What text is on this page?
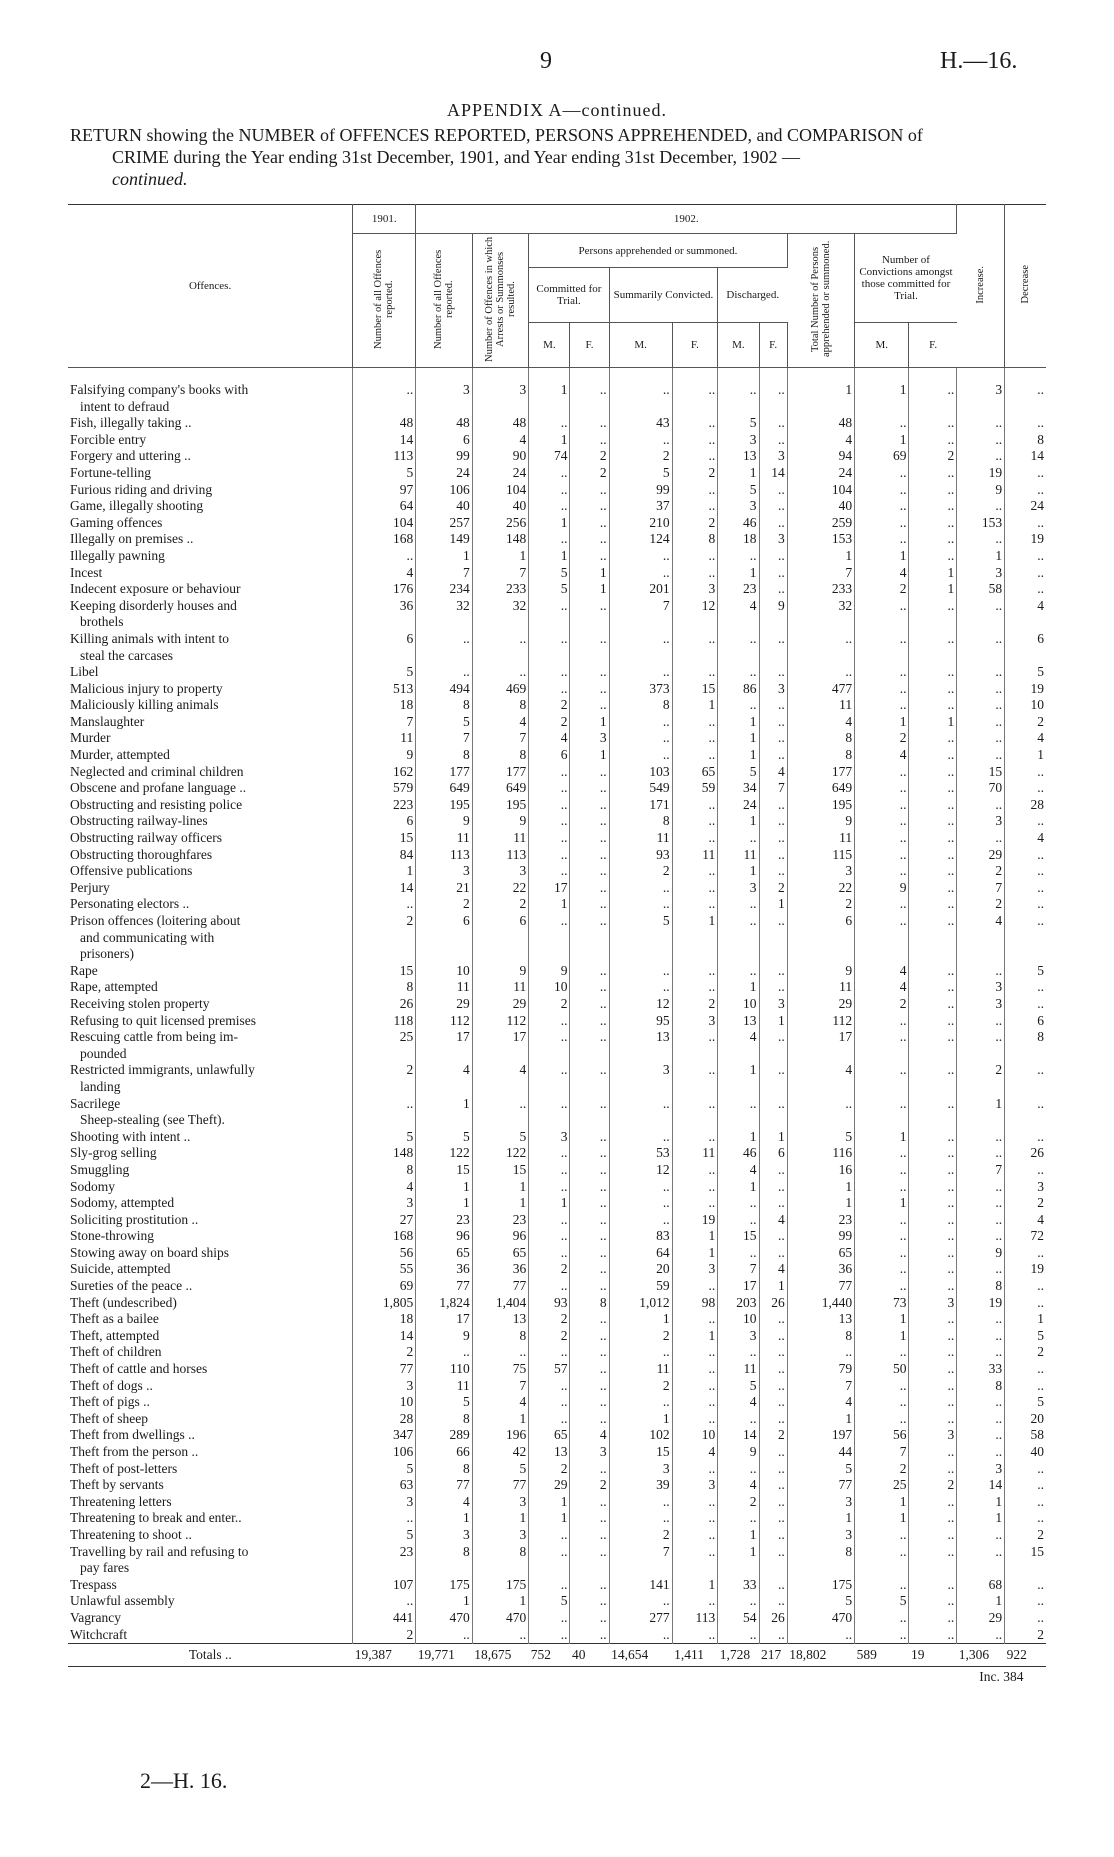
9	H.—16.
APPENDIX A—continued.
RETURN showing the NUMBER of OFFENCES REPORTED, PERSONS APPREHENDED, and COMPARISON of
CRIME during the Year ending 31st December, 1901, and Year ending 31st December, 1902 —
continued.
Offences.	1901.	1902.											Increase.	Decrease
	Number of all Offences reported.	Number of all Offences reported.	Number of Offences in which Arrests or Summonses resulted.	Persons apprehended or summoned.						Total Number of Persons apprehended or summoned.	Number of Convictions amongst those committed for Trial.			
				Committed for Trial.		Summarily Convicted.		Discharged.						
				M.	F.	M.	F.	M.	F.		M.	F.		
Falsifying company's books with	..	3	3	1	..	..	..	..	..	1	1	..	3	..
intent to defraud														
Fish, illegally taking ..	48	48	48	..	..	43	..	5	..	48	..	..	..	..
Forcible entry	14	6	4	1	..	..	..	3	..	4	1	..	..	8
Forgery and uttering ..	113	99	90	74	2	2	..	13	3	94	69	2	..	14
Fortune-telling	5	24	24	..	2	5	2	1	14	24	..	..	19	..
Furious riding and driving	97	106	104	..	..	99	..	5	..	104	..	..	9	..
Game, illegally shooting	64	40	40	..	..	37	..	3	..	40	..	..	..	24
Gaming offences	104	257	256	1	..	210	2	46	..	259	..	..	153	..
Illegally on premises ..	168	149	148	..	..	124	8	18	3	153	..	..	..	19
Illegally pawning	..	1	1	1	..	..	..	..	..	1	1	..	1	..
Incest	4	7	7	5	1	..	..	1	..	7	4	1	3	..
Indecent exposure or behaviour	176	234	233	5	1	201	3	23	..	233	2	1	58	..
Keeping disorderly houses and	36	32	32	..	..	7	12	4	9	32	..	..	..	4
brothels														
Killing animals with intent to	6	..	..	..	..	..	..	..	..	..	..	..	..	6
steal the carcases														
Libel	5	..	..	..	..	..	..	..	..	..	..	..	..	5
Malicious injury to property	513	494	469	..	..	373	15	86	3	477	..	..	..	19
Maliciously killing animals	18	8	8	2	..	8	1	..	..	11	..	..	..	10
Manslaughter	7	5	4	2	1	..	..	1	..	4	1	1	..	2
Murder	11	7	7	4	3	..	..	1	..	8	2	..	..	4
Murder, attempted	9	8	8	6	1	..	..	1	..	8	4	..	..	1
Neglected and criminal children	162	177	177	..	..	103	65	5	4	177	..	..	15	..
Obscene and profane language ..	579	649	649	..	..	549	59	34	7	649	..	..	70	..
Obstructing and resisting police	223	195	195	..	..	171	..	24	..	195	..	..	..	28
Obstructing railway-lines	6	9	9	..	..	8	..	1	..	9	..	..	3	..
Obstructing railway officers	15	11	11	..	..	11	..	..	..	11	..	..	..	4
Obstructing thoroughfares	84	113	113	..	..	93	11	11	..	115	..	..	29	..
Offensive publications	1	3	3	..	..	2	..	1	..	3	..	..	2	..
Perjury	14	21	22	17	..	..	..	3	2	22	9	..	7	..
Personating electors ..	..	2	2	1	..	..	..	..	1	2	..	..	2	..
Prison offences (loitering about	2	6	6	..	..	5	1	..	..	6	..	..	4	..
and communicating with														
prisoners)														
Rape	15	10	9	9	..	..	..	..	..	9	4	..	..	5
Rape, attempted	8	11	11	10	..	..	..	1	..	11	4	..	3	..
Receiving stolen property	26	29	29	2	..	12	2	10	3	29	2	..	3	..
Refusing to quit licensed premises	118	112	112	..	..	95	3	13	1	112	..	..	..	6
Rescuing cattle from being im-	25	17	17	..	..	13	..	4	..	17	..	..	..	8
pounded														
Restricted immigrants, unlawfully	2	4	4	..	..	3	..	1	..	4	..	..	2	..
landing														
Sacrilege	..	1	..	..	..	..	..	..	..	..	..	..	1	..
Sheep-stealing (see Theft).														
Shooting with intent ..	5	5	5	3	..	..	..	1	1	5	1	..	..	..
Sly-grog selling	148	122	122	..	..	53	11	46	6	116	..	..	..	26
Smuggling	8	15	15	..	..	12	..	4	..	16	..	..	7	..
Sodomy	4	1	1	..	..	..	..	1	..	1	..	..	..	3
Sodomy, attempted	3	1	1	1	..	..	..	..	..	1	1	..	..	2
Soliciting prostitution ..	27	23	23	..	..	..	19	..	4	23	..	..	..	4
Stone-throwing	168	96	96	..	..	83	1	15	..	99	..	..	..	72
Stowing away on board ships	56	65	65	..	..	64	1	..	..	65	..	..	9	..
Suicide, attempted	55	36	36	2	..	20	3	7	4	36	..	..	..	19
Sureties of the peace ..	69	77	77	..	..	59	..	17	1	77	..	..	8	..
Theft (undescribed)	1,805	1,824	1,404	93	8	1,012	98	203	26	1,440	73	3	19	..
Theft as a bailee	18	17	13	2	..	1	..	10	..	13	1	..	..	1
Theft, attempted	14	9	8	2	..	2	1	3	..	8	1	..	..	5
Theft of children	2	..	..	..	..	..	..	..	..	..	..	..	..	2
Theft of cattle and horses	77	110	75	57	..	11	..	11	..	79	50	..	33	..
Theft of dogs ..	3	11	7	..	..	2	..	5	..	7	..	..	8	..
Theft of pigs ..	10	5	4	..	..	..	..	4	..	4	..	..	..	5
Theft of sheep	28	8	1	..	..	1	..	..	..	1	..	..	..	20
Theft from dwellings ..	347	289	196	65	4	102	10	14	2	197	56	3	..	58
Theft from the person ..	106	66	42	13	3	15	4	9	..	44	7	..	..	40
Theft of post-letters	5	8	5	2	..	3	..	..	..	5	2	..	3	..
Theft by servants	63	77	77	29	2	39	3	4	..	77	25	2	14	..
Threatening letters	3	4	3	1	..	..	..	2	..	3	1	..	1	..
Threatening to break and enter..	..	1	1	1	..	..	..	..	..	1	1	..	1	..
Threatening to shoot ..	5	3	3	..	..	2	..	1	..	3	..	..	..	2
Travelling by rail and refusing to	23	8	8	..	..	7	..	1	..	8	..	..	..	15
pay fares														
Trespass	107	175	175	..	..	141	1	33	..	175	..	..	68	..
Unlawful assembly	..	1	1	5	..	..	..	..	..	5	5	..	1	..
Vagrancy	441	470	470	..	..	277	113	54	26	470	..	..	29	..
Witchcraft	2	..	..	..	..	..	..	..	..	..	..	..	..	2
Totals ..	19,387	19,771	18,675	752	40	14,654	1,411	1,728	217	18,802	589	19	1,306	922
													Inc. 384	

2—H. 16.
